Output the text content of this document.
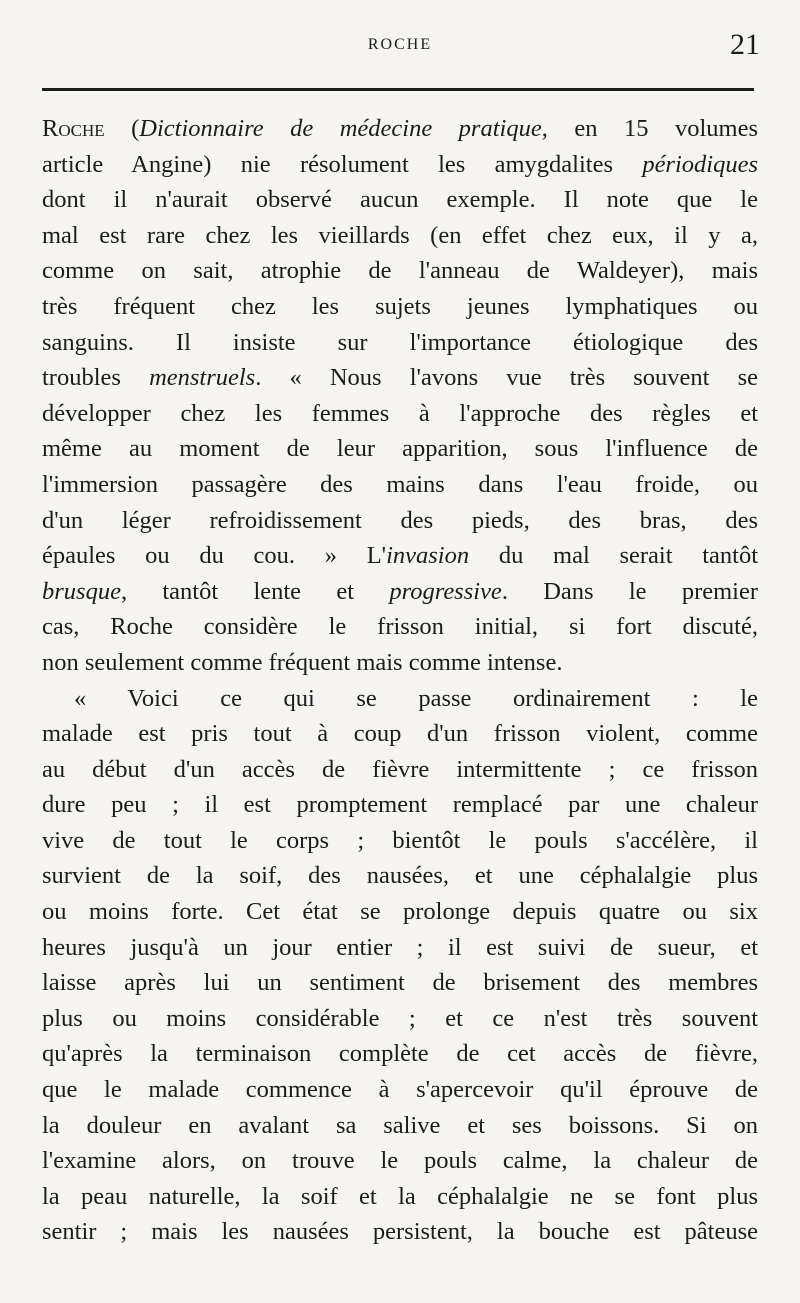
ROCHE	21
Roche (Dictionnaire de médecine pratique, en 15 volumes
article Angine) nie résolument les amygdalites périodiques
dont il n'aurait observé aucun exemple. Il note que le
mal est rare chez les vieillards (en effet chez eux, il y a,
comme on sait, atrophie de l'anneau de Waldeyer), mais
très fréquent chez les sujets jeunes lymphatiques ou
sanguins. Il insiste sur l'importance étiologique des
troubles menstruels. « Nous l'avons vue très souvent se
développer chez les femmes à l'approche des règles et
même au moment de leur apparition, sous l'influence de
l'immersion passagère des mains dans l'eau froide, ou
d'un léger refroidissement des pieds, des bras, des
épaules ou du cou. » L'invasion du mal serait tantôt
brusque, tantôt lente et progressive. Dans le premier
cas, Roche considère le frisson initial, si fort discuté,
non seulement comme fréquent mais comme intense.
« Voici ce qui se passe ordinairement : le
malade est pris tout à coup d'un frisson violent, comme
au début d'un accès de fièvre intermittente ; ce frisson
dure peu ; il est promptement remplacé par une chaleur
vive de tout le corps ; bientôt le pouls s'accélère, il
survient de la soif, des nausées, et une céphalalgie plus
ou moins forte. Cet état se prolonge depuis quatre ou six
heures jusqu'à un jour entier ; il est suivi de sueur, et
laisse après lui un sentiment de brisement des membres
plus ou moins considérable ; et ce n'est très souvent
qu'après la terminaison complète de cet accès de fièvre,
que le malade commence à s'apercevoir qu'il éprouve de
la douleur en avalant sa salive et ses boissons. Si on
l'examine alors, on trouve le pouls calme, la chaleur de
la peau naturelle, la soif et la céphalalgie ne se font plus
sentir ; mais les nausées persistent, la bouche est pâteuse
